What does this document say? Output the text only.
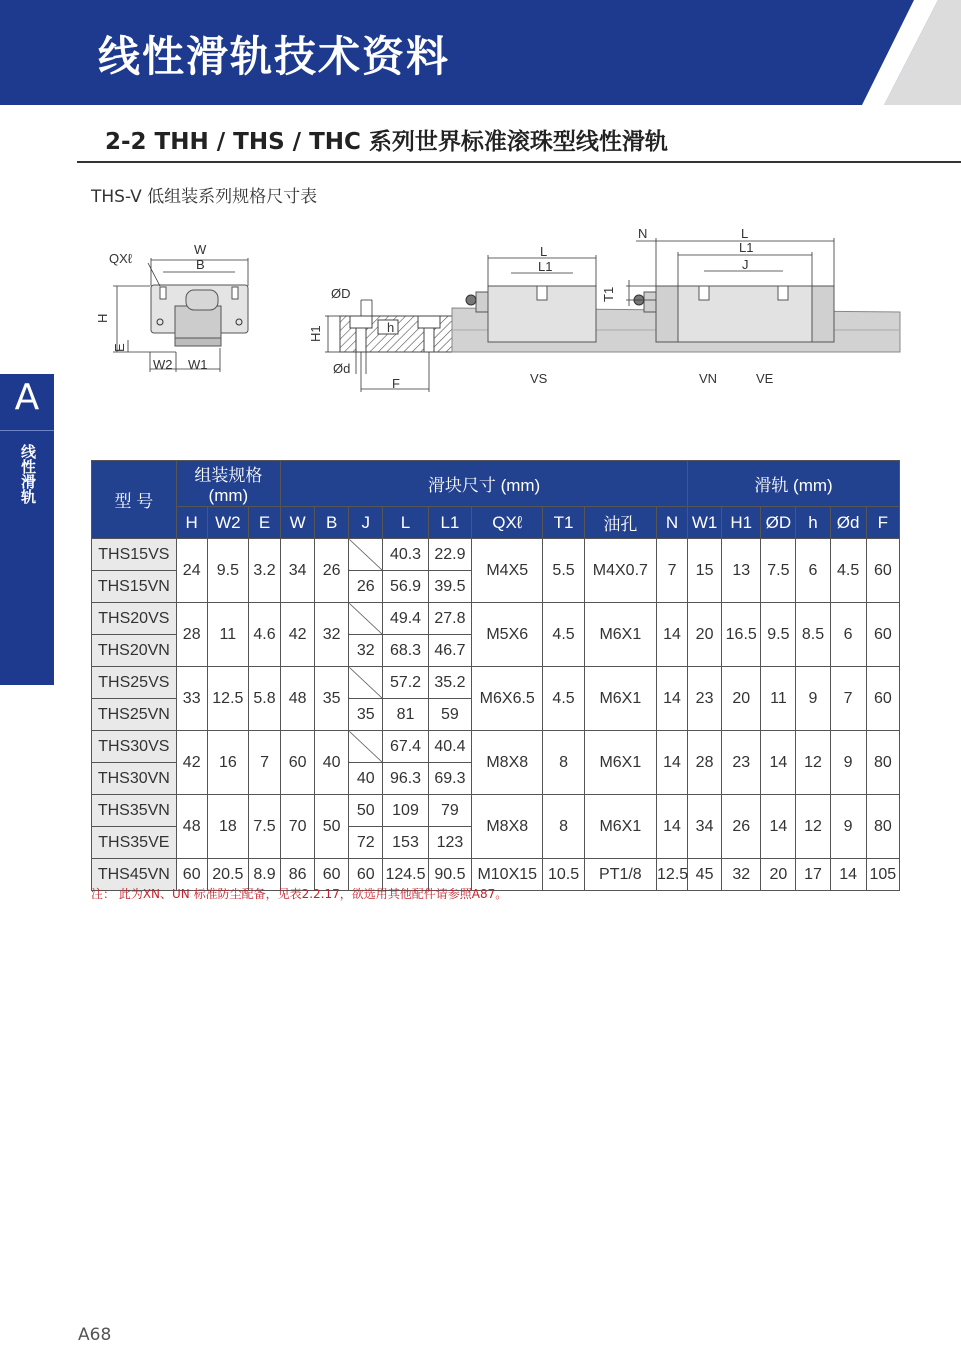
线性滑轨技术资料
2-2 THH / THS / THC 系列世界标准滚珠型线性滑轨
THS-V 低组装系列规格尺寸表
A
线性滑轨
QXℓ
W
B
H
E
W2 W1
ØD
H1	h
Ød
F
L
L1
VS
T1
N	L
L1
J
VN	VE
型 号	组装规格 (mm)			滑块尺寸 (mm)									滑轨 (mm)					
	H	W2	E	W	B	J	L	L1	QXℓ	T1	油孔	N	W1	H1	ØD	h	Ød	F
THS15VS	24	9.5	3.2	34	26		40.3	22.9	M4X5	5.5	M4X0.7	7	15	13	7.5	6	4.5	60
THS15VN						26	56.9	39.5										
THS20VS	28	11	4.6	42	32		49.4	27.8	M5X6	4.5	M6X1	14	20	16.5	9.5	8.5	6	60
THS20VN						32	68.3	46.7										
THS25VS	33	12.5	5.8	48	35		57.2	35.2	M6X6.5	4.5	M6X1	14	23	20	11	9	7	60
THS25VN						35	81	59										
THS30VS	42	16	7	60	40		67.4	40.4	M8X8	8	M6X1	14	28	23	14	12	9	80
THS30VN						40	96.3	69.3										
THS35VN	48	18	7.5	70	50	50	109	79	M8X8	8	M6X1	14	34	26	14	12	9	80
THS35VE						72	153	123										
THS45VN	60	20.5	8.9	86	60	60	124.5	90.5	M10X15	10.5	PT1/8	12.5	45	32	20	17	14	105
注： 此为XN、UN 标准防尘配备，见表2.2.17，欲选用其他配件请参照A87。
A68
